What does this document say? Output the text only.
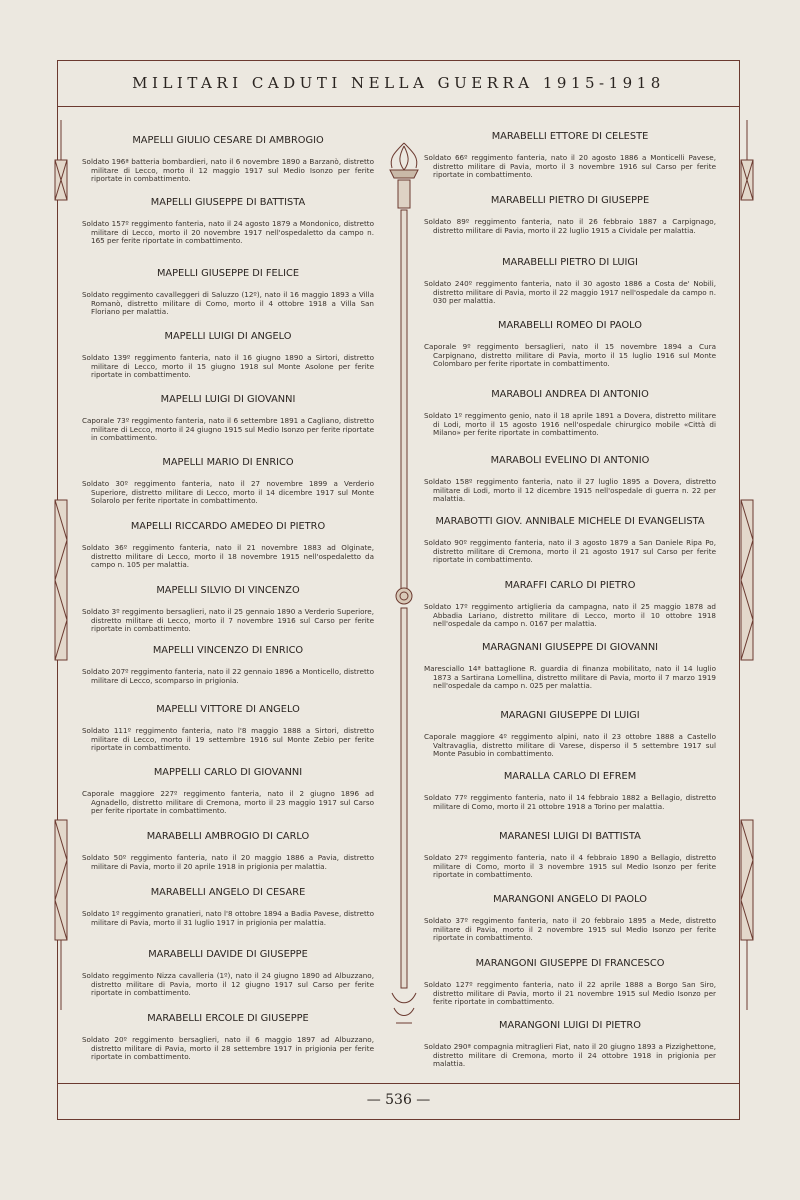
MILITARI CADUTI NELLA GUERRA 1915-1918
— 536 —
MAPELLI GIULIO CESARE DI AMBROGIO
Soldato 196ª batteria bombardieri, nato il 6 novembre 1890 a Barzanò, distretto militare di Lecco, morto il 12 maggio 1917 sul Medio Isonzo per ferite riportate in combattimento.
MAPELLI GIUSEPPE DI BATTISTA
Soldato 157º reggimento fanteria, nato il 24 agosto 1879 a Mondonico, distretto militare di Lecco, morto il 20 novembre 1917 nell'ospedaletto da campo n. 165 per ferite riportate in combattimento.
MAPELLI GIUSEPPE DI FELICE
Soldato reggimento cavalleggeri di Saluzzo (12º), nato il 16 maggio 1893 a Villa Romanò, distretto militare di Como, morto il 4 ottobre 1918 a Villa San Floriano per malattia.
MAPELLI LUIGI DI ANGELO
Soldato 139º reggimento fanteria, nato il 16 giugno 1890 a Sirtori, distretto militare di Lecco, morto il 15 giugno 1918 sul Monte Asolone per ferite riportate in combattimento.
MAPELLI LUIGI DI GIOVANNI
Caporale 73º reggimento fanteria, nato il 6 settembre 1891 a Cagliano, distretto militare di Lecco, morto il 24 giugno 1915 sul Medio Isonzo per ferite riportate in combattimento.
MAPELLI MARIO DI ENRICO
Soldato 30º reggimento fanteria, nato il 27 novembre 1899 a Verderio Superiore, distretto militare di Lecco, morto il 14 dicembre 1917 sul Monte Solarolo per ferite riportate in combattimento.
MAPELLI RICCARDO AMEDEO DI PIETRO
Soldato 36º reggimento fanteria, nato il 21 novembre 1883 ad Olginate, distretto militare di Lecco, morto il 18 novembre 1915 nell'ospedaletto da campo n. 105 per malattia.
MAPELLI SILVIO DI VINCENZO
Soldato 3º reggimento bersaglieri, nato il 25 gennaio 1890 a Verderio Superiore, distretto militare di Lecco, morto il 7 novembre 1916 sul Carso per ferite riportate in combattimento.
MAPELLI VINCENZO DI ENRICO
Soldato 207º reggimento fanteria, nato il 22 gennaio 1896 a Monticello, distretto militare di Lecco, scomparso in prigionia.
MAPELLI VITTORE DI ANGELO
Soldato 111º reggimento fanteria, nato l'8 maggio 1888 a Sirtori, distretto militare di Lecco, morto il 19 settembre 1916 sul Monte Zebio per ferite riportate in combattimento.
MAPPELLI CARLO DI GIOVANNI
Caporale maggiore 227º reggimento fanteria, nato il 2 giugno 1896 ad Agnadello, distretto militare di Cremona, morto il 23 maggio 1917 sul Carso per ferite riportate in combattimento.
MARABELLI AMBROGIO DI CARLO
Soldato 50º reggimento fanteria, nato il 20 maggio 1886 a Pavia, distretto militare di Pavia, morto il 20 aprile 1918 in prigionia per malattia.
MARABELLI ANGELO DI CESARE
Soldato 1º reggimento granatieri, nato l'8 ottobre 1894 a Badia Pavese, distretto militare di Pavia, morto il 31 luglio 1917 in prigionia per malattia.
MARABELLI DAVIDE DI GIUSEPPE
Soldato reggimento Nizza cavalleria (1º), nato il 24 giugno 1890 ad Albuzzano, distretto militare di Pavia, morto il 12 giugno 1917 sul Carso per ferite riportate in combattimento.
MARABELLI ERCOLE DI GIUSEPPE
Soldato 20º reggimento bersaglieri, nato il 6 maggio 1897 ad Albuzzano, distretto militare di Pavia, morto il 28 settembre 1917 in prigionia per ferite riportate in combattimento.
MARABELLI ETTORE DI CELESTE
Soldato 66º reggimento fanteria, nato il 20 agosto 1886 a Monticelli Pavese, distretto militare di Pavia, morto il 3 novembre 1916 sul Carso per ferite riportate in combattimento.
MARABELLI PIETRO DI GIUSEPPE
Soldato 89º reggimento fanteria, nato il 26 febbraio 1887 a Carpignago, distretto militare di Pavia, morto il 22 luglio 1915 a Cividale per malattia.
MARABELLI PIETRO DI LUIGI
Soldato 240º reggimento fanteria, nato il 30 agosto 1886 a Costa de' Nobili, distretto militare di Pavia, morto il 22 maggio 1917 nell'ospedale da campo n. 030 per malattia.
MARABELLI ROMEO DI PAOLO
Caporale 9º reggimento bersaglieri, nato il 15 novembre 1894 a Cura Carpignano, distretto militare di Pavia, morto il 15 luglio 1916 sul Monte Colombaro per ferite riportate in combattimento.
MARABOLI ANDREA DI ANTONIO
Soldato 1º reggimento genio, nato il 18 aprile 1891 a Dovera, distretto militare di Lodi, morto il 15 agosto 1916 nell'ospedale chirurgico mobile «Città di Milano» per ferite riportate in combattimento.
MARABOLI EVELINO DI ANTONIO
Soldato 158º reggimento fanteria, nato il 27 luglio 1895 a Dovera, distretto militare di Lodi, morto il 12 dicembre 1915 nell'ospedale di guerra n. 22 per malattia.
MARABOTTI GIOV. ANNIBALE MICHELE DI EVANGELISTA
Soldato 90º reggimento fanteria, nato il 3 agosto 1879 a San Daniele Ripa Po, distretto militare di Cremona, morto il 21 agosto 1917 sul Carso per ferite riportate in combattimento.
MARAFFI CARLO DI PIETRO
Soldato 17º reggimento artiglieria da campagna, nato il 25 maggio 1878 ad Abbadia Lariano, distretto militare di Lecco, morto il 10 ottobre 1918 nell'ospedale da campo n. 0167 per malattia.
MARAGNANI GIUSEPPE DI GIOVANNI
Maresciallo 14ª battaglione R. guardia di finanza mobilitato, nato il 14 luglio 1873 a Sartirana Lomellina, distretto militare di Pavia, morto il 7 marzo 1919 nell'ospedale da campo n. 025 per malattia.
MARAGNI GIUSEPPE DI LUIGI
Caporale maggiore 4º reggimento alpini, nato il 23 ottobre 1888 a Castello Valtravaglia, distretto militare di Varese, disperso il 5 settembre 1917 sul Monte Pasubio in combattimento.
MARALLA CARLO DI EFREM
Soldato 77º reggimento fanteria, nato il 14 febbraio 1882 a Bellagio, distretto militare di Como, morto il 21 ottobre 1918 a Torino per malattia.
MARANESI LUIGI DI BATTISTA
Soldato 27º reggimento fanteria, nato il 4 febbraio 1890 a Bellagio, distretto militare di Como, morto il 3 novembre 1915 sul Medio Isonzo per ferite riportate in combattimento.
MARANGONI ANGELO DI PAOLO
Soldato 37º reggimento fanteria, nato il 20 febbraio 1895 a Mede, distretto militare di Pavia, morto il 2 novembre 1915 sul Medio Isonzo per ferite riportate in combattimento.
MARANGONI GIUSEPPE DI FRANCESCO
Soldato 127º reggimento fanteria, nato il 22 aprile 1888 a Borgo San Siro, distretto militare di Pavia, morto il 21 novembre 1915 sul Medio Isonzo per ferite riportate in combattimento.
MARANGONI LUIGI DI PIETRO
Soldato 290ª compagnia mitraglieri Fiat, nato il 20 giugno 1893 a Pizzighettone, distretto militare di Cremona, morto il 24 ottobre 1918 in prigionia per malattia.
